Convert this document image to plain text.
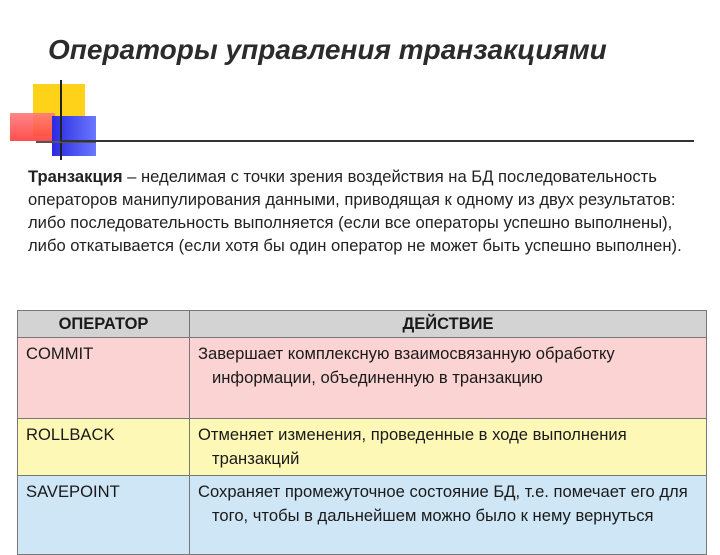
Операторы управления транзакциями
Транзакция – неделимая с точки зрения воздействия на БД последовательность операторов манипулирования данными, приводящая к одному из двух результатов: либо последовательность выполняется (если все операторы успешно выполнены), либо откатывается (если хотя бы один оператор не может быть успешно выполнен).
ОПЕРАТОР	ДЕЙСТВИЕ
COMMIT	Завершает комплексную взаимосвязанную обработку информации, объединенную в транзакцию
ROLLBACK	Отменяет изменения, проведенные в ходе выполнения транзакций
SAVEPOINT	Сохраняет промежуточное состояние БД, т.е. помечает его для того, чтобы в дальнейшем можно было к нему вернуться
